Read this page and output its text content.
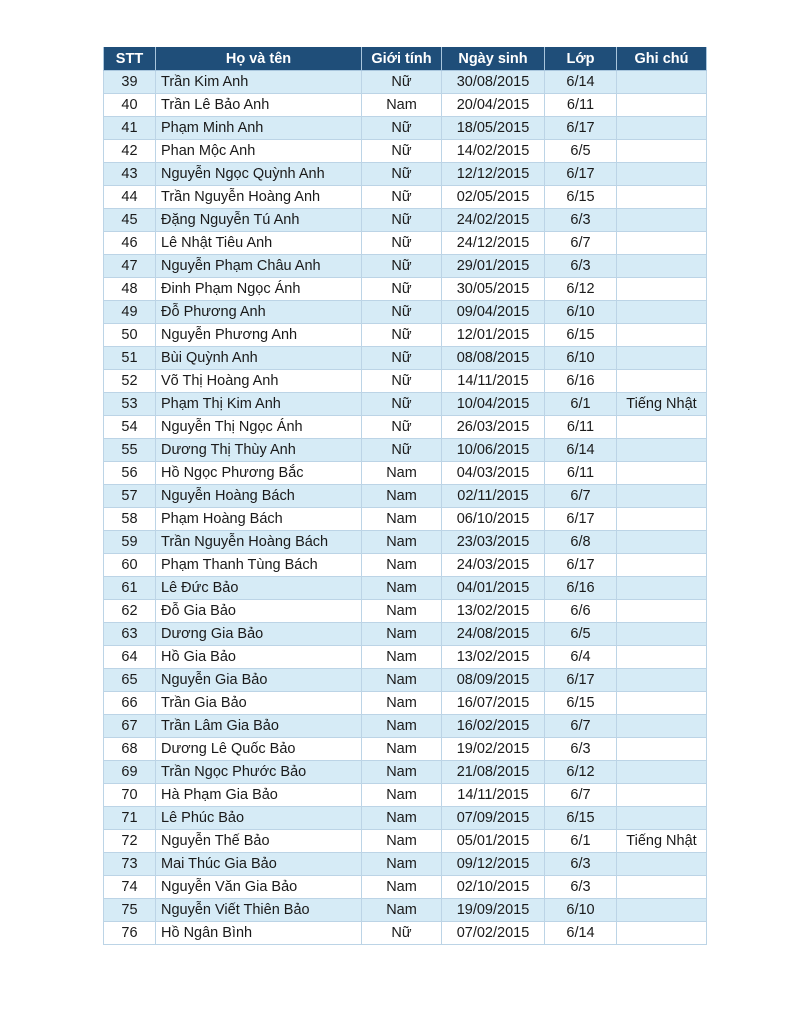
STT	Họ và tên	Giới tính	Ngày sinh	Lớp	Ghi chú
39	Trần Kim Anh	Nữ	30/08/2015	6/14	
40	Trần Lê Bảo Anh	Nam	20/04/2015	6/11	
41	Phạm Minh Anh	Nữ	18/05/2015	6/17	
42	Phan Mộc Anh	Nữ	14/02/2015	6/5	
43	Nguyễn Ngọc Quỳnh Anh	Nữ	12/12/2015	6/17	
44	Trần Nguyễn Hoàng Anh	Nữ	02/05/2015	6/15	
45	Đặng Nguyễn Tú Anh	Nữ	24/02/2015	6/3	
46	Lê Nhật Tiêu Anh	Nữ	24/12/2015	6/7	
47	Nguyễn Phạm Châu Anh	Nữ	29/01/2015	6/3	
48	Đinh Phạm Ngọc Ánh	Nữ	30/05/2015	6/12	
49	Đỗ Phương Anh	Nữ	09/04/2015	6/10	
50	Nguyễn Phương Anh	Nữ	12/01/2015	6/15	
51	Bùi Quỳnh Anh	Nữ	08/08/2015	6/10	
52	Võ Thị Hoàng Anh	Nữ	14/11/2015	6/16	
53	Phạm Thị Kim Anh	Nữ	10/04/2015	6/1	Tiếng Nhật
54	Nguyễn Thị Ngọc Ánh	Nữ	26/03/2015	6/11	
55	Dương Thị Thùy Anh	Nữ	10/06/2015	6/14	
56	Hồ Ngọc Phương Bắc	Nam	04/03/2015	6/11	
57	Nguyễn Hoàng Bách	Nam	02/11/2015	6/7	
58	Phạm Hoàng Bách	Nam	06/10/2015	6/17	
59	Trần Nguyễn Hoàng Bách	Nam	23/03/2015	6/8	
60	Phạm Thanh Tùng Bách	Nam	24/03/2015	6/17	
61	Lê Đức Bảo	Nam	04/01/2015	6/16	
62	Đỗ Gia Bảo	Nam	13/02/2015	6/6	
63	Dương Gia Bảo	Nam	24/08/2015	6/5	
64	Hồ Gia Bảo	Nam	13/02/2015	6/4	
65	Nguyễn Gia Bảo	Nam	08/09/2015	6/17	
66	Trần Gia Bảo	Nam	16/07/2015	6/15	
67	Trần Lâm Gia Bảo	Nam	16/02/2015	6/7	
68	Dương Lê Quốc Bảo	Nam	19/02/2015	6/3	
69	Trần Ngọc Phước Bảo	Nam	21/08/2015	6/12	
70	Hà Phạm Gia Bảo	Nam	14/11/2015	6/7	
71	Lê Phúc Bảo	Nam	07/09/2015	6/15	
72	Nguyễn Thế Bảo	Nam	05/01/2015	6/1	Tiếng Nhật
73	Mai Thúc Gia Bảo	Nam	09/12/2015	6/3	
74	Nguyễn Văn Gia Bảo	Nam	02/10/2015	6/3	
75	Nguyễn Viết Thiên Bảo	Nam	19/09/2015	6/10	
76	Hồ Ngân Bình	Nữ	07/02/2015	6/14	
